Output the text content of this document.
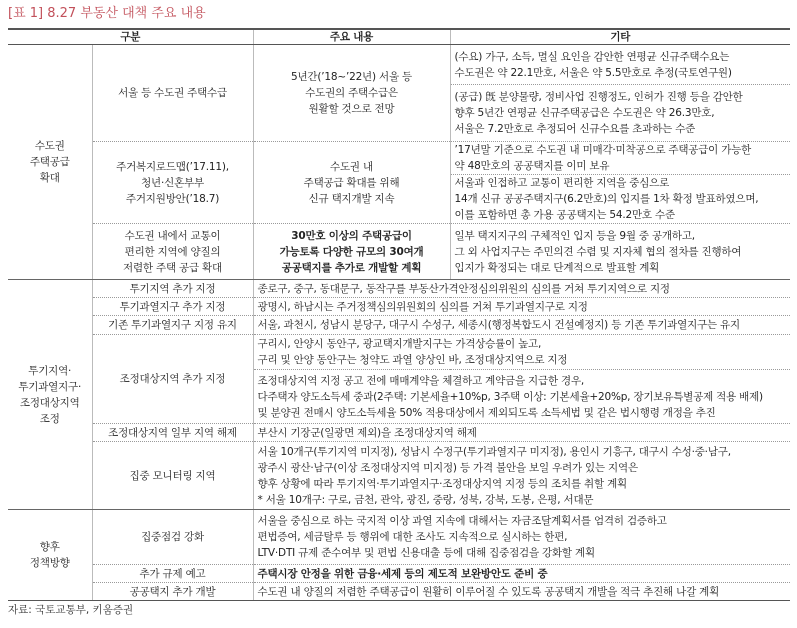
[표 1] 8.27 부동산 대책 주요 내용
구분		주요 내용	기타
수도권
주택공급
확대	서울 등 수도권 주택수급	5년간(’18~’22년) 서울 등
수도권의 주택수급은
원활할 것으로 전망	(수요) 가구, 소득, 멸실 요인을 감안한 연평균 신규주택수요는
수도권은 약 22.1만호, 서울은 약 5.5만호로 추정(국토연구원)
			(공급) 旣 분양물량, 정비사업 진행정도, 인허가 진행 등을 감안한
향후 5년간 연평균 신규주택공급은 수도권은 약 26.3만호,
서울은 7.2만호로 추정되어 신규수요를 초과하는 수준
	주거복지로드맵(’17.11),
청년·신혼부부
주거지원방안(’18.7)	수도권 내
주택공급 확대를 위해
신규 택지개발 지속	’17년말 기준으로 수도권 내 미매각·미착공으로 주택공급이 가능한
약 48만호의 공공택지를 이미 보유
			서울과 인접하고 교통이 편리한 지역을 중심으로
14개 신규 공공주택지구(6.2만호)의 입지를 1차 확정 발표하였으며,
이를 포함하면 총 가용 공공택지는 54.2만호 수준
	수도권 내에서 교통이
편리한 지역에 양질의
저렴한 주택 공급 확대	30만호 이상의 주택공급이
가능토록 다양한 규모의 30여개
공공택지를 추가로 개발할 계획	일부 택지지구의 구체적인 입지 등을 9월 중 공개하고,
그 외 사업지구는 주민의견 수렴 및 지자체 협의 절차를 진행하여
입지가 확정되는 대로 단계적으로 발표할 계획
투기지역·
투기과열지구·
조정대상지역
조정	투기지역 추가 지정	종로구, 중구, 동대문구, 동작구를 부동산가격안정심의위원의 심의를 거쳐 투기지역으로 지정	
	투기과열지구 추가 지정	광명시, 하남시는 주거정책심의위원회의 심의를 거쳐 투기과열지구로 지정	
	기존 투기과열지구 지정 유지	서울, 과천시, 성남시 분당구, 대구시 수성구, 세종시(행정복합도시 건설예정지) 등 기존 투기과열지구는 유지	
	조정대상지역 추가 지정	구리시, 안양시 동안구, 광교택지개발지구는 가격상승률이 높고,
구리 및 안양 동안구는 청약도 과열 양상인 바, 조정대상지역으로 지정	
		조정대상지역 지정 공고 전에 매매계약을 체결하고 계약금을 지급한 경우,
다주택자 양도소득세 중과(2주택: 기본세율+10%p, 3주택 이상: 기본세율+20%p, 장기보유특별공제 적용 배제)
및 분양권 전매시 양도소득세율 50% 적용대상에서 제외되도록 소득세법 및 같은 법시행령 개정을 추진	
	조정대상지역 일부 지역 해제	부산시 기장군(일광면 제외)을 조정대상지역 해제	
	집중 모니터링 지역	서울 10개구(투기지역 미지정), 성남시 수정구(투기과열지구 미지정), 용인시 기흥구, 대구시 수성·중·남구,
광주시 광산·남구(이상 조정대상지역 미지정) 등 가격 불안을 보일 우려가 있는 지역은
향후 상황에 따라 투기지역·투기과열지구·조정대상지역 지정 등의 조치를 취할 계획
* 서울 10개구: 구로, 금천, 관악, 광진, 중랑, 성북, 강북, 도봉, 은평, 서대문	
향후
정책방향	집중점검 강화	서울을 중심으로 하는 국지적 이상 과열 지속에 대해서는 자금조달계획서를 엄격히 검증하고
편법증여, 세금탈루 등 행위에 대한 조사도 지속적으로 실시하는 한편,
LTV·DTI 규제 준수여부 및 편법 신용대출 등에 대해 집중점검을 강화할 계획	
	추가 규제 예고	주택시장 안정을 위한 금융·세제 등의 제도적 보완방안도 준비 중	
	공공택지 추가 개발	수도권 내 양질의 저렴한 주택공급이 원활히 이루어질 수 있도록 공공택지 개발을 적극 추진해 나갈 계획	
자료: 국토교통부, 키움증권
